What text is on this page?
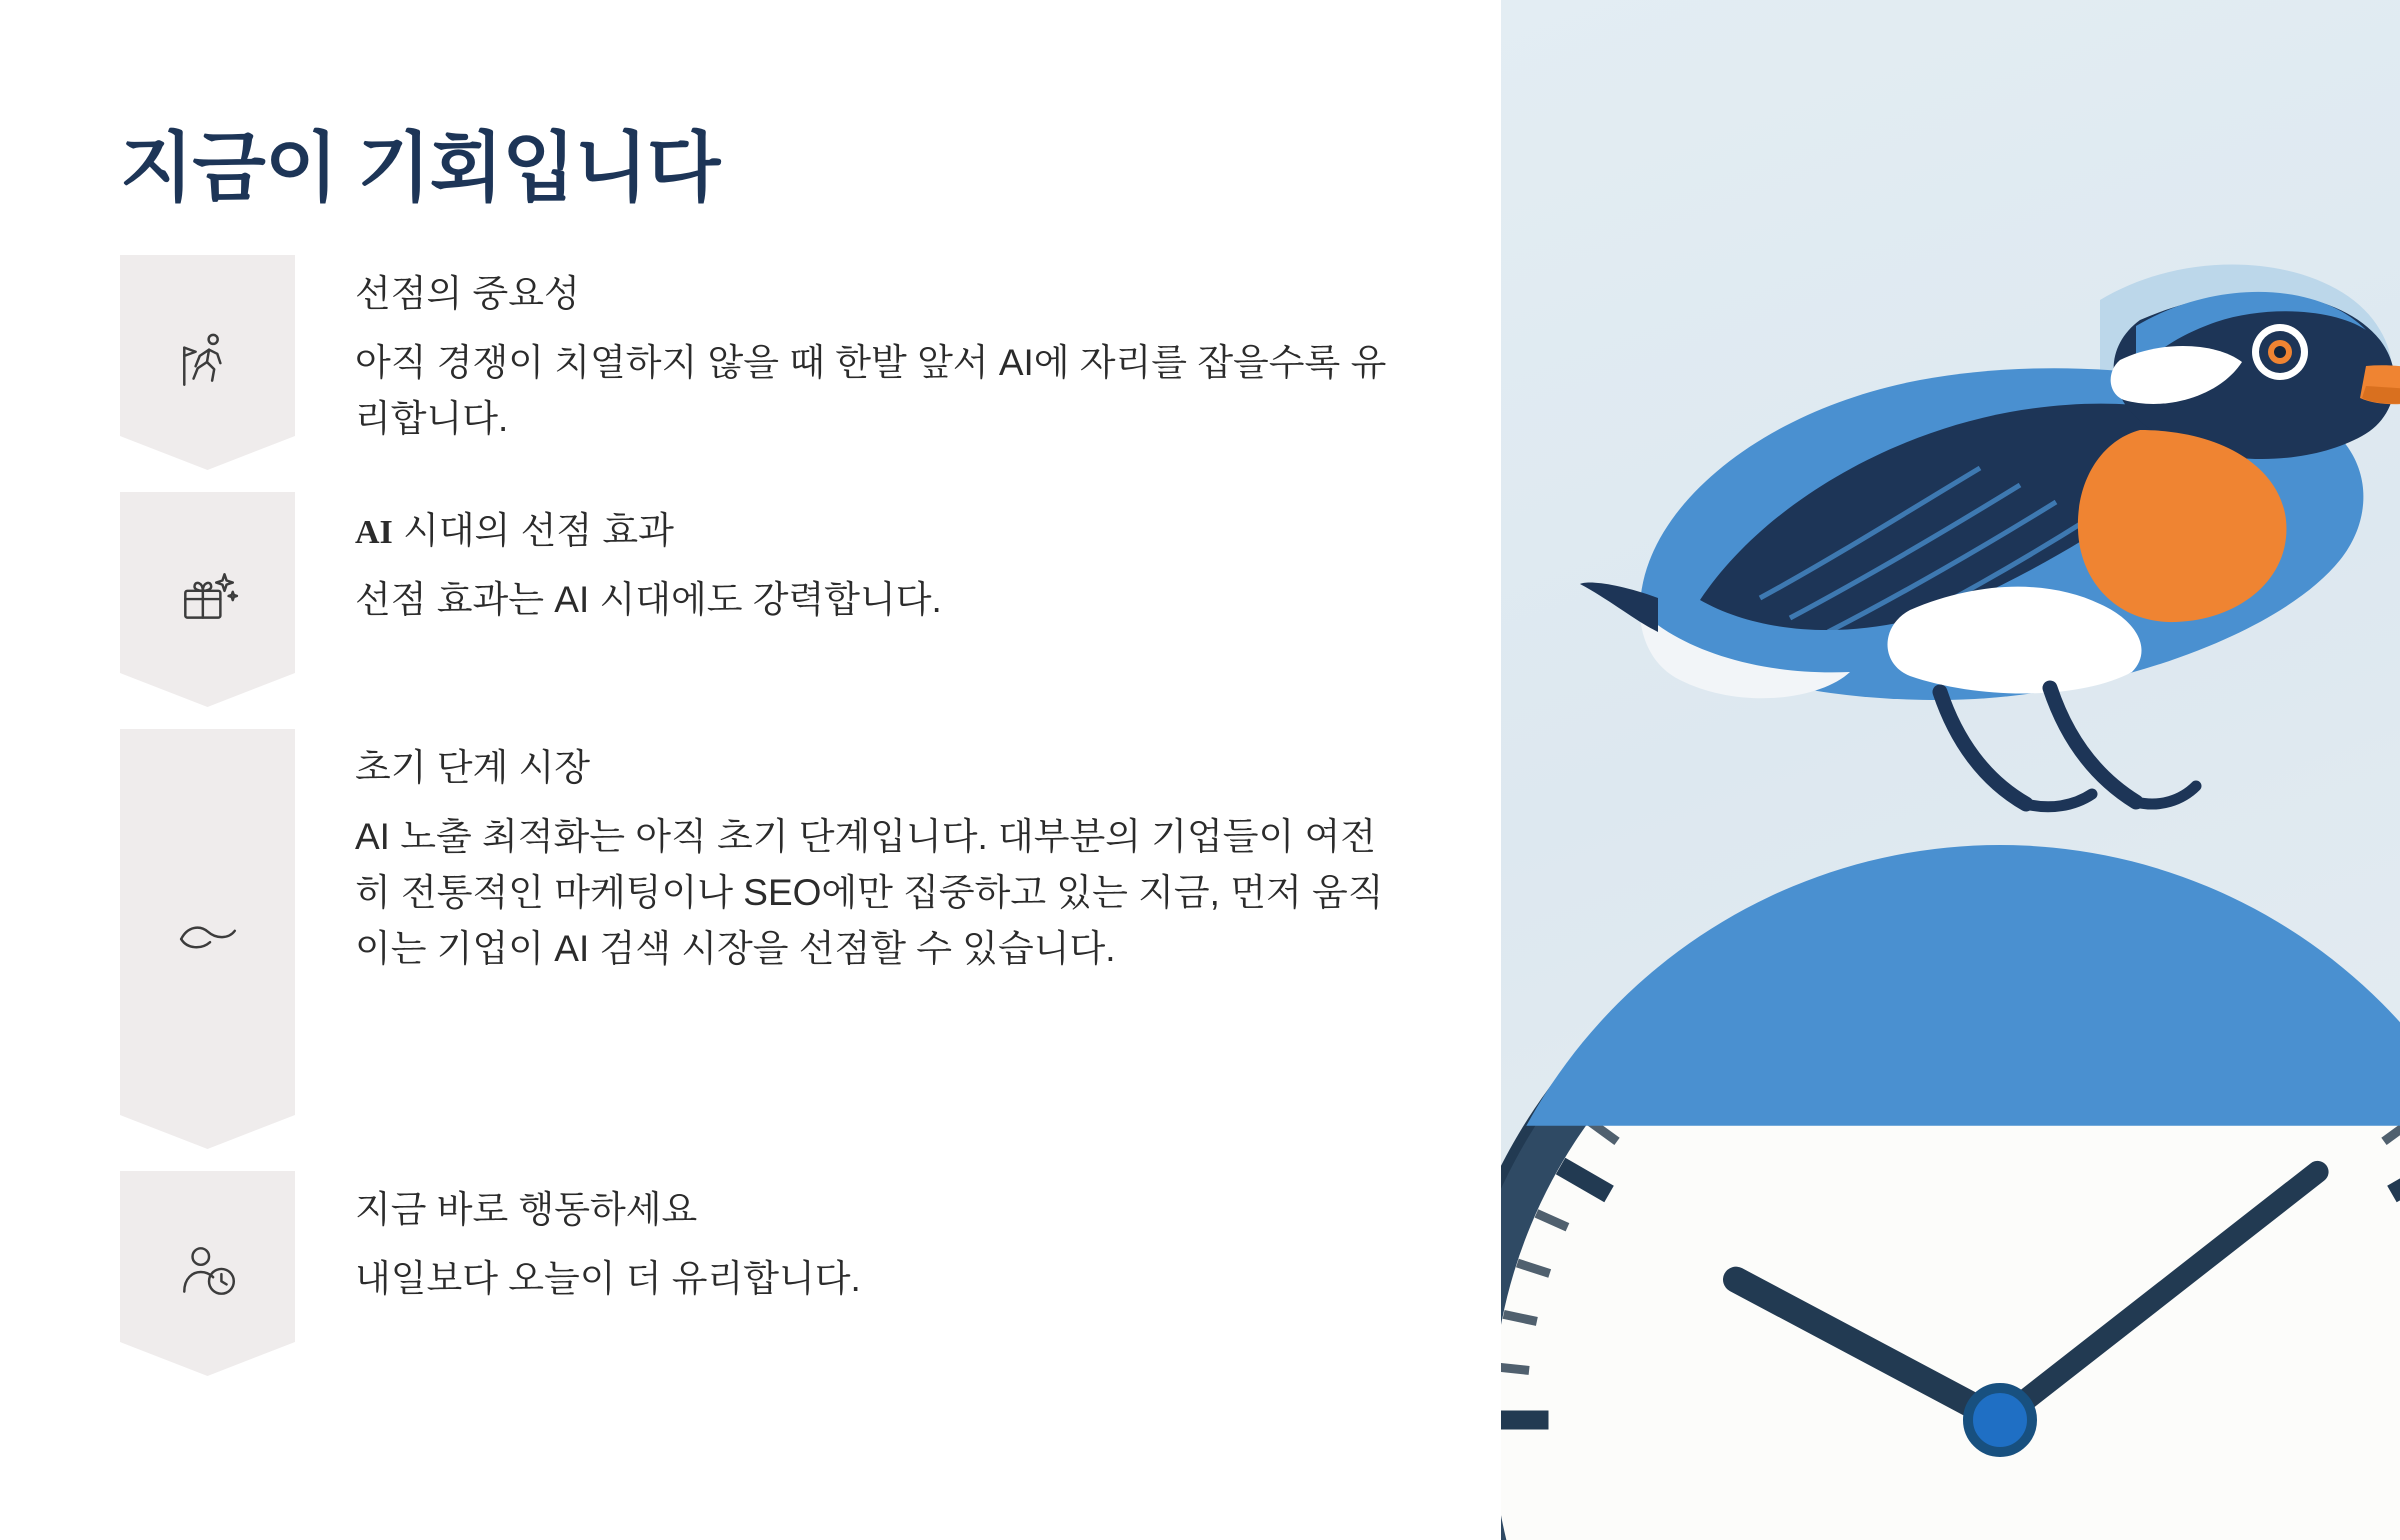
지금이 기회입니다

선점의 중요성

아직 경쟁이 치열하지 않을 때 한발 앞서 AI에 자리를 잡을수록 유리합니다.

AI 시대의 선점 효과

선점 효과는 AI 시대에도 강력합니다.

초기 단계 시장

AI 노출 최적화는 아직 초기 단계입니다. 대부분의 기업들이 여전히 전통적인 마케팅이나 SEO에만 집중하고 있는 지금, 먼저 움직이는 기업이 AI 검색 시장을 선점할 수 있습니다.

지금 바로 행동하세요

내일보다 오늘이 더 유리합니다.
